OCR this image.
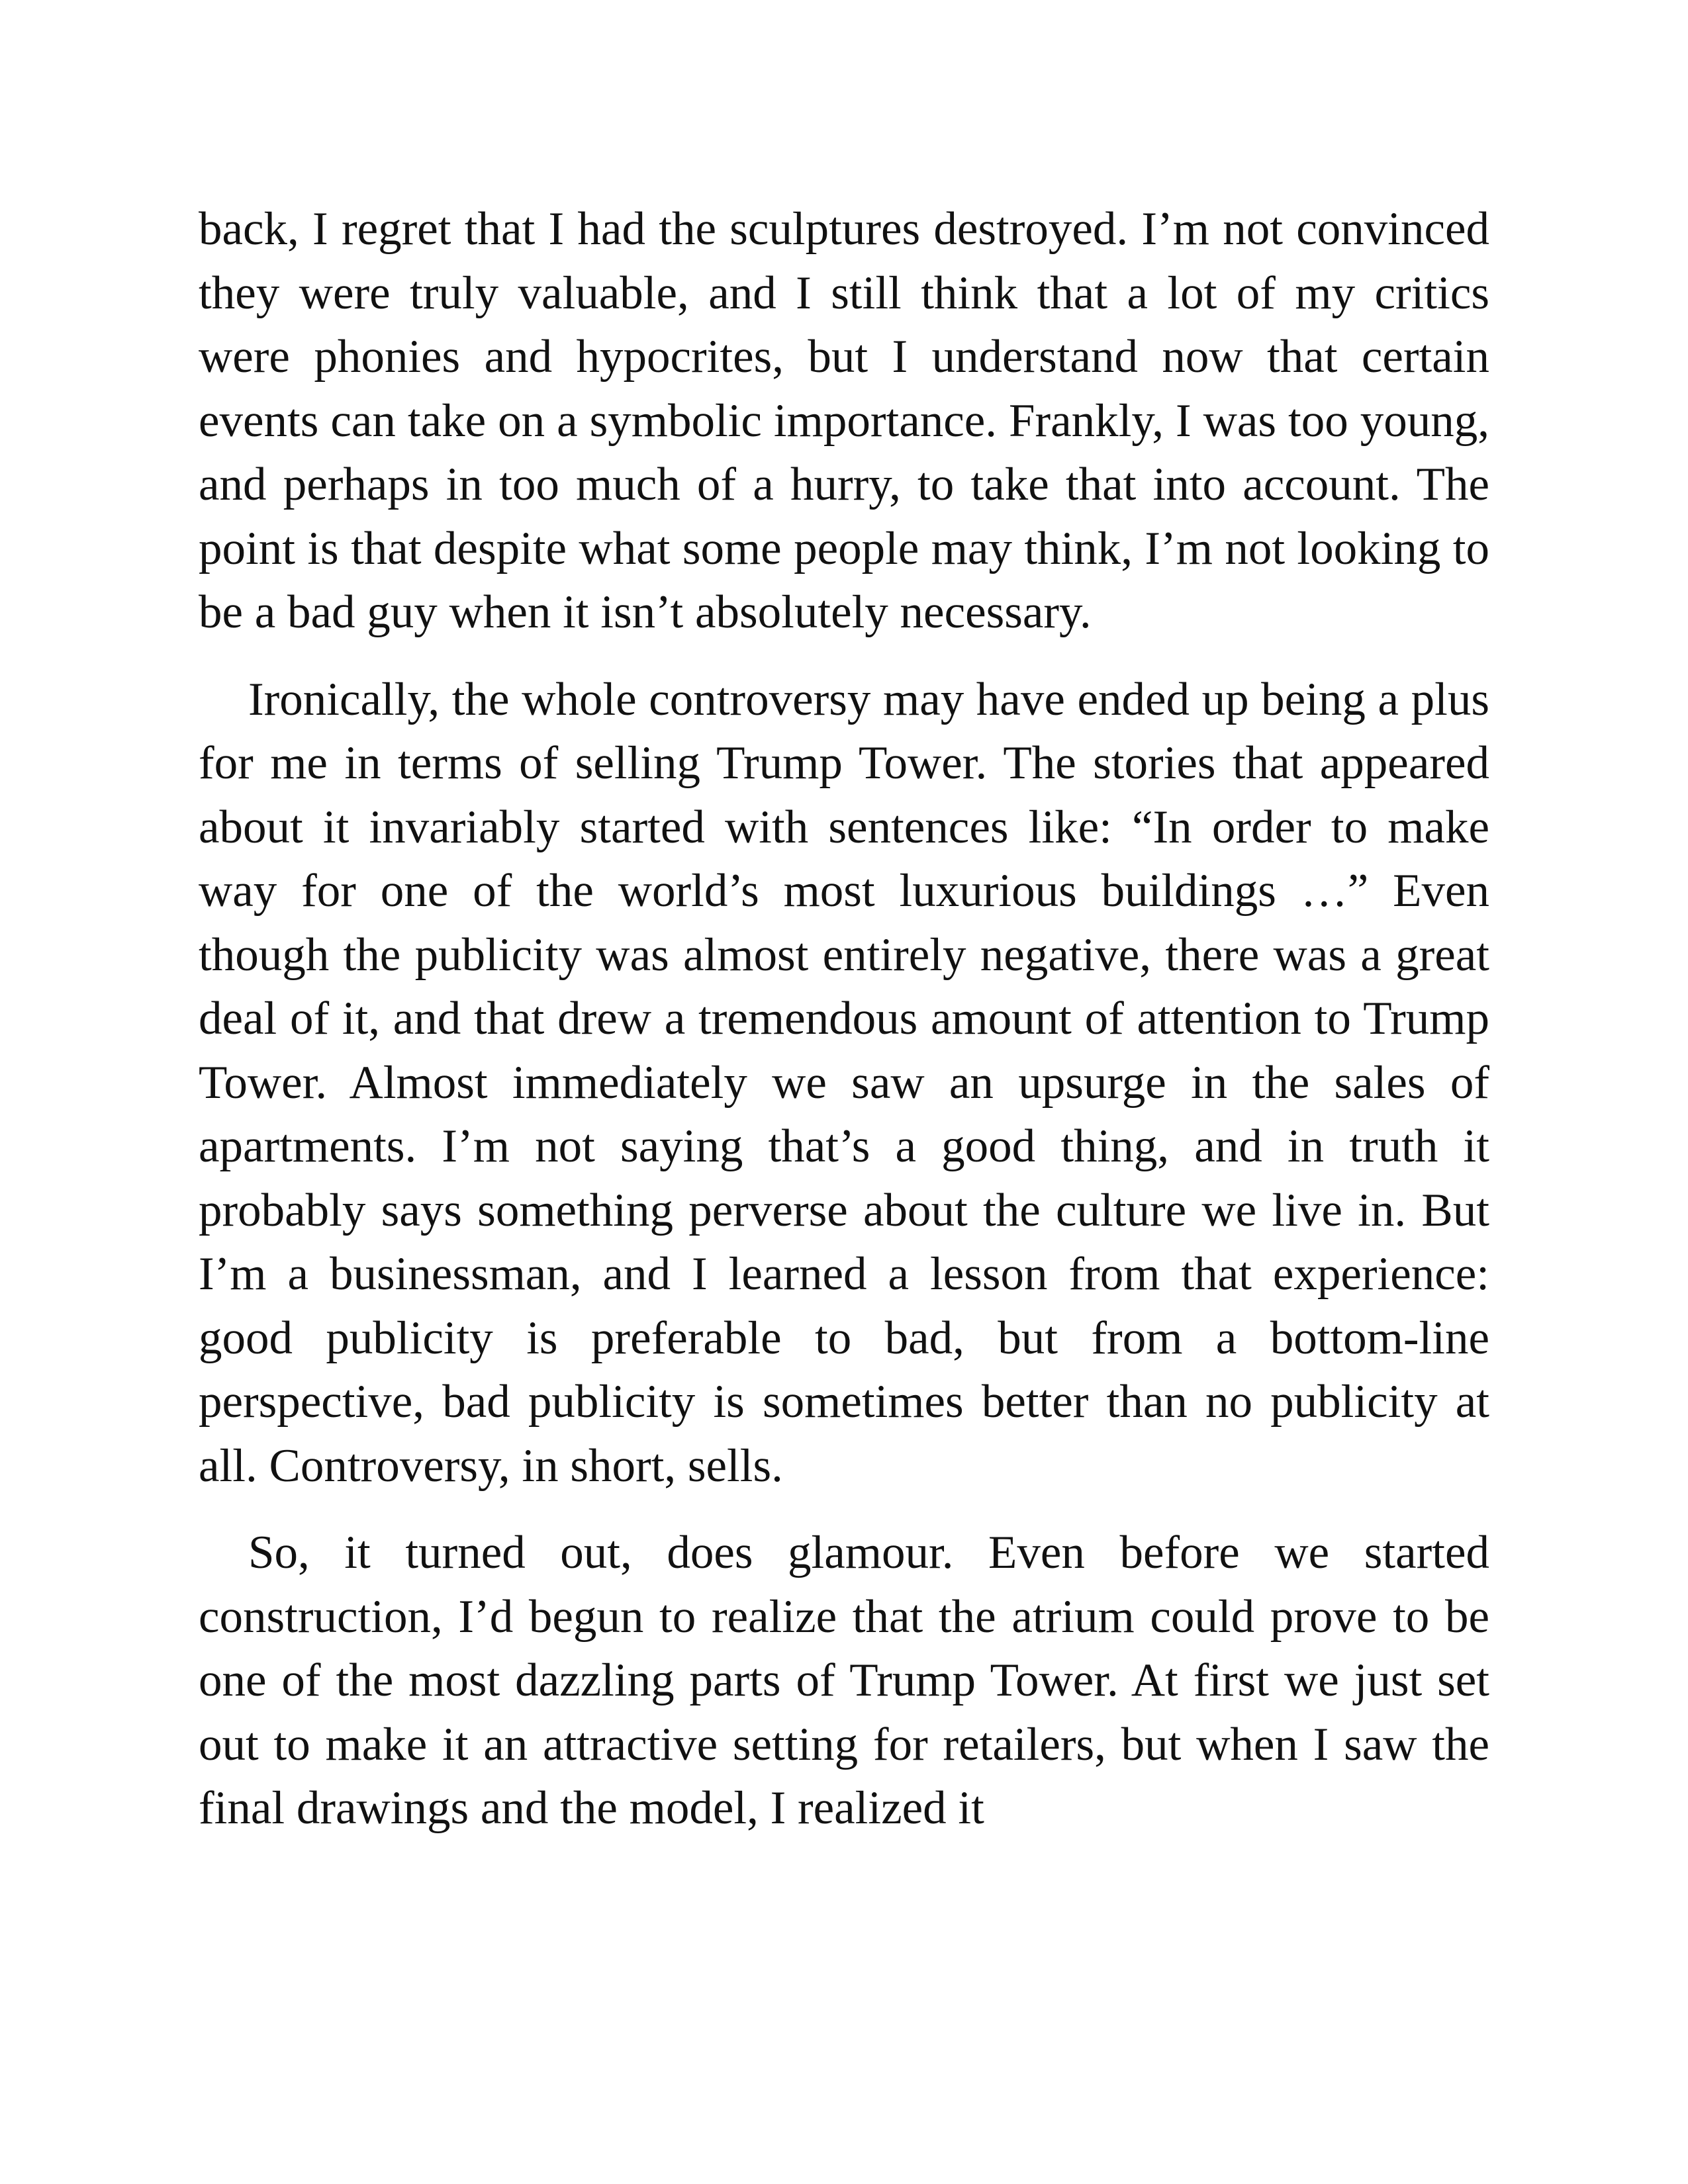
back, I regret that I had the sculptures destroyed. I’m not convinced they were truly valuable, and I still think that a lot of my critics were phonies and hypocrites, but I understand now that certain events can take on a symbolic importance. Frankly, I was too young, and perhaps in too much of a hurry, to take that into account. The point is that despite what some people may think, I’m not looking to be a bad guy when it isn’t absolutely necessary.

Ironically, the whole controversy may have ended up being a plus for me in terms of selling Trump Tower. The stories that appeared about it invariably started with sentences like: “In order to make way for one of the world’s most luxurious buildings …” Even though the publicity was almost entirely negative, there was a great deal of it, and that drew a tremendous amount of attention to Trump Tower. Almost immediately we saw an upsurge in the sales of apartments. I’m not saying that’s a good thing, and in truth it probably says something perverse about the culture we live in. But I’m a businessman, and I learned a lesson from that experience: good publicity is preferable to bad, but from a bottom-line perspective, bad publicity is sometimes better than no publicity at all. Controversy, in short, sells.

So, it turned out, does glamour. Even before we started construction, I’d begun to realize that the atrium could prove to be one of the most dazzling parts of Trump Tower. At first we just set out to make it an attractive setting for retailers, but when I saw the final drawings and the model, I realized it
